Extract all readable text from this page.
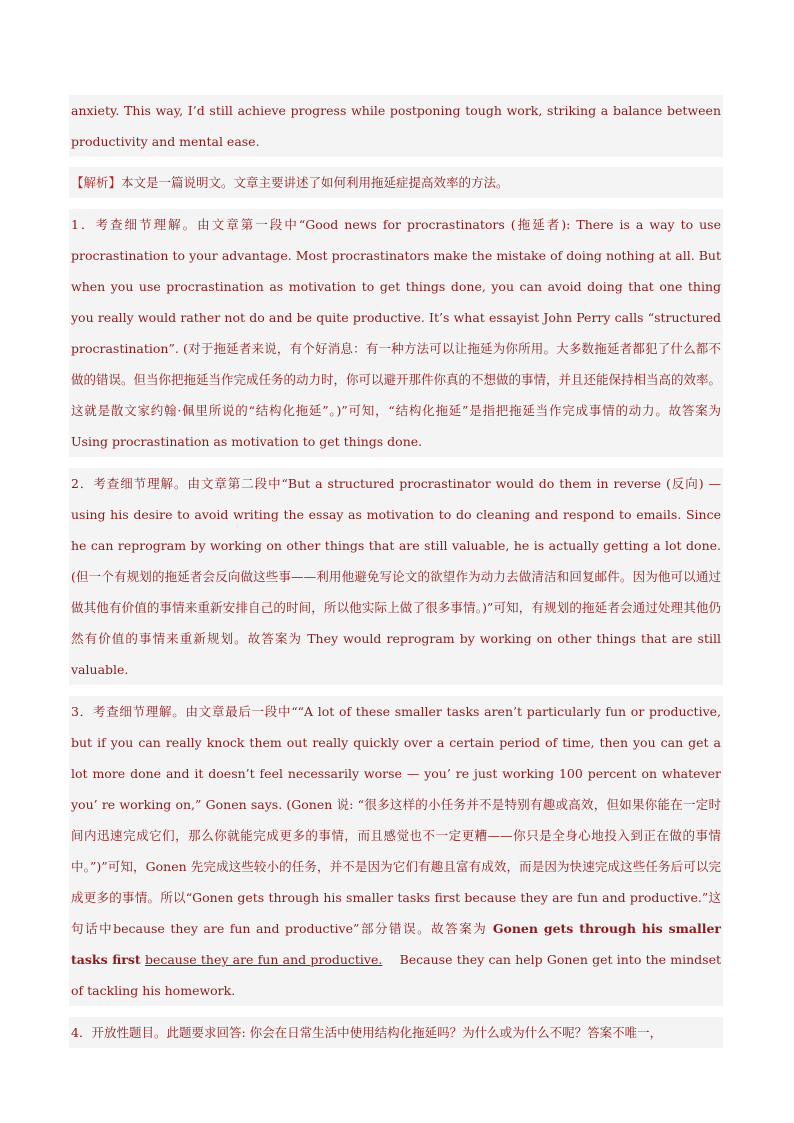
anxiety. This way, I’d still achieve progress while postponing tough work, striking a balance between productivity and mental ease.

【解析】本文是一篇说明文。文章主要讲述了如何利用拖延症提高效率的方法。

1．考查细节理解。由文章第一段中“Good news for procrastinators (拖延者): There is a way to use procrastination to your advantage. Most procrastinators make the mistake of doing nothing at all. But when you use procrastination as motivation to get things done, you can avoid doing that one thing you really would rather not do and be quite productive. It’s what essayist John Perry calls “structured procrastination”. (对于拖延者来说，有个好消息：有一种方法可以让拖延为你所用。大多数拖延者都犯了什么都不做的错误。但当你把拖延当作完成任务的动力时，你可以避开那件你真的不想做的事情，并且还能保持相当高的效率。这就是散文家约翰·佩里所说的“结构化拖延”。)”可知，“结构化拖延”是指把拖延当作完成事情的动力。故答案为 Using procrastination as motivation to get things done.

2．考查细节理解。由文章第二段中“But a structured procrastinator would do them in reverse (反向) — using his desire to avoid writing the essay as motivation to do cleaning and respond to emails. Since he can reprogram by working on other things that are still valuable, he is actually getting a lot done. (但一个有规划的拖延者会反向做这些事——利用他避免写论文的欲望作为动力去做清洁和回复邮件。因为他可以通过做其他有价值的事情来重新安排自己的时间，所以他实际上做了很多事情。)”可知，有规划的拖延者会通过处理其他仍然有价值的事情来重新规划。故答案为 They would reprogram by working on other things that are still valuable.

3．考查细节理解。由文章最后一段中““A lot of these smaller tasks aren’t particularly fun or productive, but if you can really knock them out really quickly over a certain period of time, then you can get a lot more done and it doesn’t feel necessarily worse — you’ re just working 100 percent on whatever you’ re working on,” Gonen says. (Gonen 说: “很多这样的小任务并不是特别有趣或高效，但如果你能在一定时间内迅速完成它们，那么你就能完成更多的事情，而且感觉也不一定更糟——你只是全身心地投入到正在做的事情中。”)”可知，Gonen 先完成这些较小的任务，并不是因为它们有趣且富有成效，而是因为快速完成这些任务后可以完成更多的事情。所以“Gonen gets through his smaller tasks first because they are fun and productive.”这句话中because they are fun and productive”部分错误。故答案为 Gonen gets through his smaller tasks first because they are fun and productive.　 Because they can help Gonen get into the mindset of tackling his homework.

4．开放性题目。此题要求回答: 你会在日常生活中使用结构化拖延吗？为什么或为什么不呢？答案不唯一，
